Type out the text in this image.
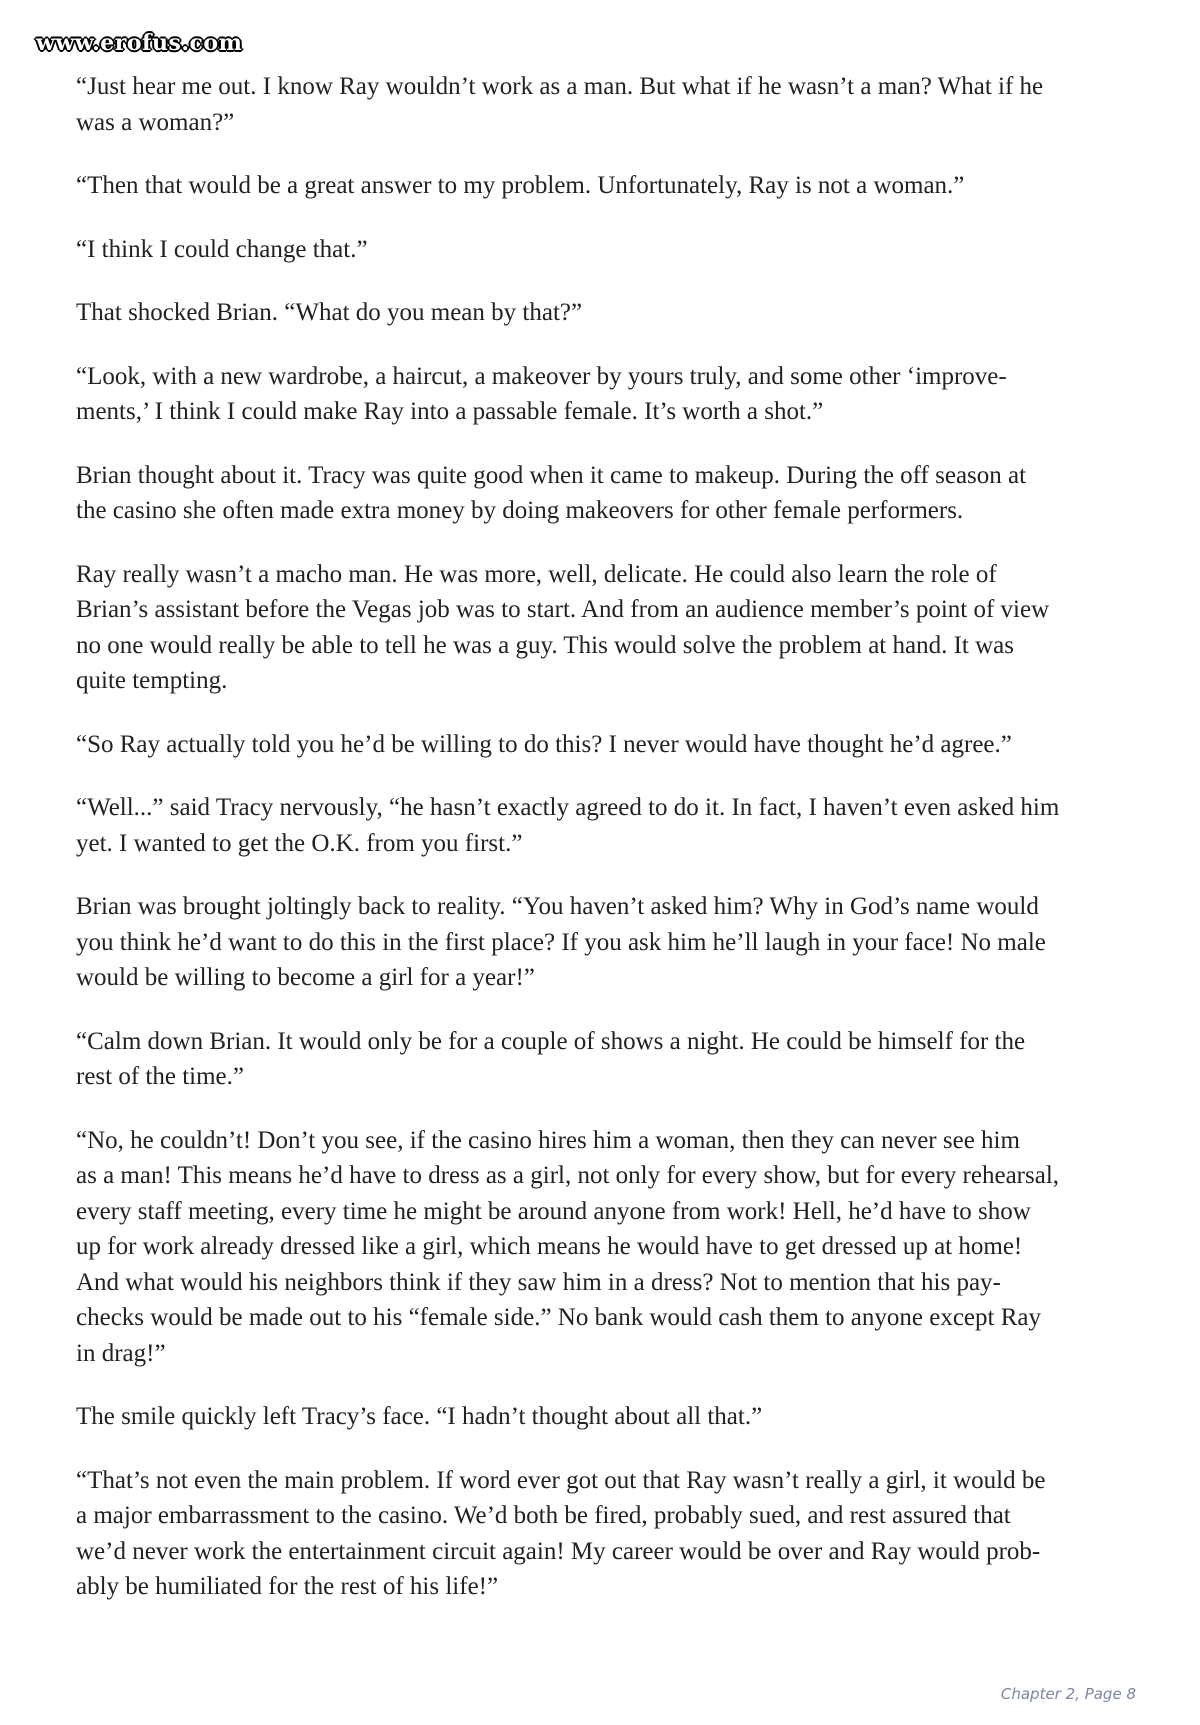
www.erofus.com

“Just hear me out. I know Ray wouldn’t work as a man. But what if he wasn’t a man? What if he
was a woman?”

“Then that would be a great answer to my problem. Unfortunately, Ray is not a woman.”

“I think I could change that.”

That shocked Brian. “What do you mean by that?”

“Look, with a new wardrobe, a haircut, a makeover by yours truly, and some other ‘improve-
ments,’ I think I could make Ray into a passable female. It’s worth a shot.”

Brian thought about it. Tracy was quite good when it came to makeup. During the off season at
the casino she often made extra money by doing makeovers for other female performers.

Ray really wasn’t a macho man. He was more, well, delicate. He could also learn the role of
Brian’s assistant before the Vegas job was to start. And from an audience member’s point of view
no one would really be able to tell he was a guy. This would solve the problem at hand. It was
quite tempting.

“So Ray actually told you he’d be willing to do this? I never would have thought he’d agree.”

“Well...” said Tracy nervously, “he hasn’t exactly agreed to do it. In fact, I haven’t even asked him
yet. I wanted to get the O.K. from you first.”

Brian was brought joltingly back to reality. “You haven’t asked him? Why in God’s name would
you think he’d want to do this in the first place? If you ask him he’ll laugh in your face! No male
would be willing to become a girl for a year!”

“Calm down Brian. It would only be for a couple of shows a night. He could be himself for the
rest of the time.”

“No, he couldn’t! Don’t you see, if the casino hires him a woman, then they can never see him
as a man! This means he’d have to dress as a girl, not only for every show, but for every rehearsal,
every staff meeting, every time he might be around anyone from work! Hell, he’d have to show
up for work already dressed like a girl, which means he would have to get dressed up at home!
And what would his neighbors think if they saw him in a dress? Not to mention that his pay-
checks would be made out to his “female side.” No bank would cash them to anyone except Ray
in drag!”

The smile quickly left Tracy’s face. “I hadn’t thought about all that.”

“That’s not even the main problem. If word ever got out that Ray wasn’t really a girl, it would be
a major embarrassment to the casino. We’d both be fired, probably sued, and rest assured that
we’d never work the entertainment circuit again! My career would be over and Ray would prob-
ably be humiliated for the rest of his life!”

Chapter 2, Page 8
